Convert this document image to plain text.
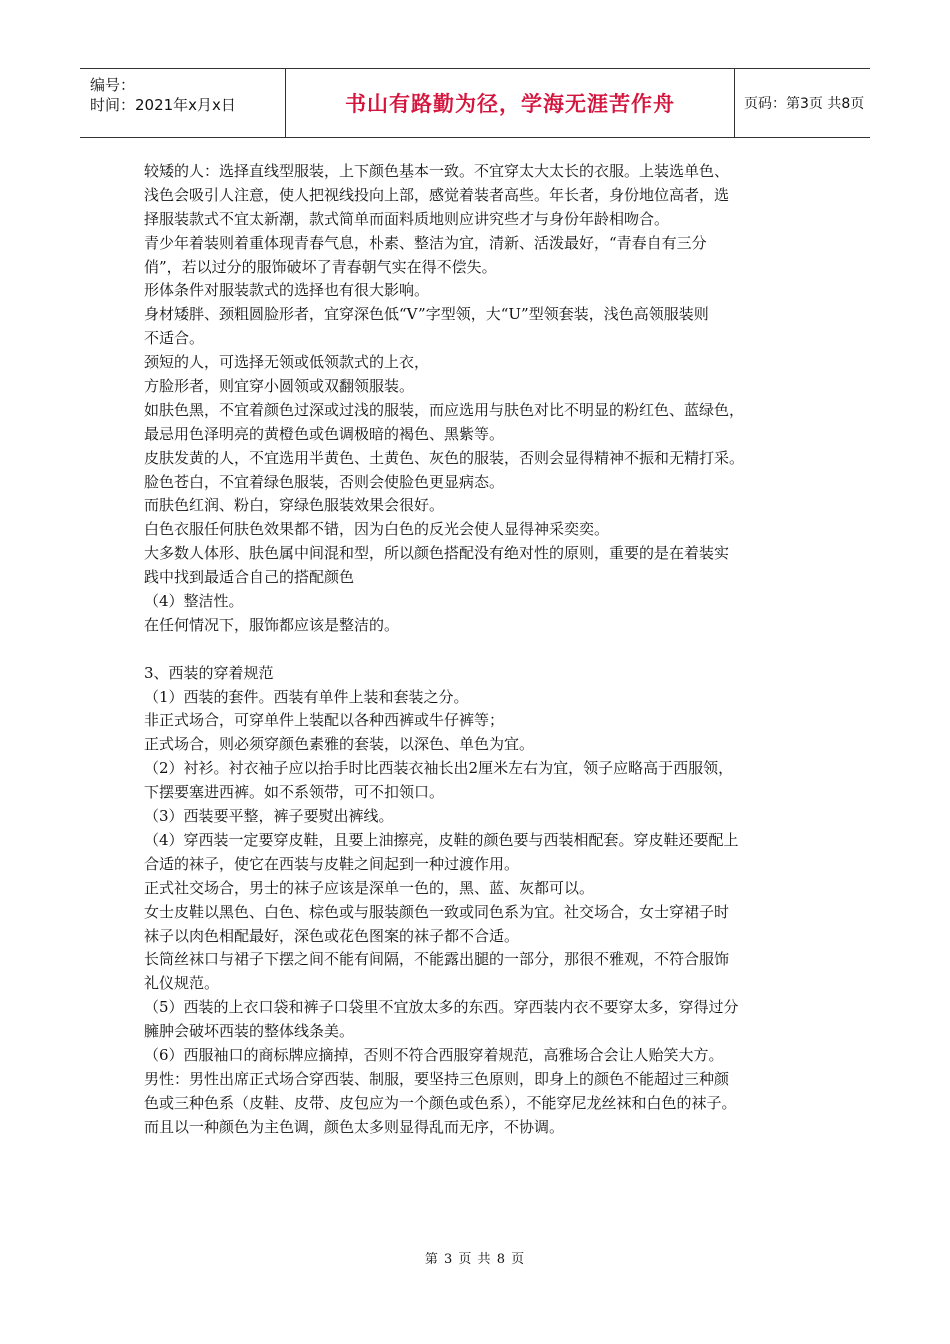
编号：
时间：2021年x月x日	书山有路勤为径，学海无涯苦作舟	页码：第3页 共8页
较矮的人：选择直线型服装，上下颜色基本一致。不宜穿太大太长的衣服。上装选单色、
浅色会吸引人注意，使人把视线投向上部，感觉着装者高些。年长者，身份地位高者，选
择服装款式不宜太新潮，款式简单而面料质地则应讲究些才与身份年龄相吻合。
青少年着装则着重体现青春气息，朴素、整洁为宜，清新、活泼最好，“青春自有三分
俏”，若以过分的服饰破坏了青春朝气实在得不偿失。
形体条件对服装款式的选择也有很大影响。
身材矮胖、颈粗圆脸形者，宜穿深色低“V”字型领，大“U”型领套装，浅色高领服装则
不适合。
颈短的人，可选择无领或低领款式的上衣，
方脸形者，则宜穿小圆领或双翻领服装。
如肤色黑，不宜着颜色过深或过浅的服装，而应选用与肤色对比不明显的粉红色、蓝绿色，
最忌用色泽明亮的黄橙色或色调极暗的褐色、黑紫等。
皮肤发黄的人，不宜选用半黄色、土黄色、灰色的服装，否则会显得精神不振和无精打采。
脸色苍白，不宜着绿色服装，否则会使脸色更显病态。
而肤色红润、粉白，穿绿色服装效果会很好。
白色衣服任何肤色效果都不错，因为白色的反光会使人显得神采奕奕。
大多数人体形、肤色属中间混和型，所以颜色搭配没有绝对性的原则，重要的是在着装实
践中找到最适合自己的搭配颜色
（4）整洁性。
在任何情况下，服饰都应该是整洁的。
3、西装的穿着规范
（1）西装的套件。西装有单件上装和套装之分。
非正式场合，可穿单件上装配以各种西裤或牛仔裤等；
正式场合，则必须穿颜色素雅的套装，以深色、单色为宜。
（2）衬衫。衬衣袖子应以抬手时比西装衣袖长出2厘米左右为宜，领子应略高于西服领，
下摆要塞进西裤。如不系领带，可不扣领口。
（3）西装要平整，裤子要熨出裤线。
（4）穿西装一定要穿皮鞋，且要上油擦亮，皮鞋的颜色要与西装相配套。穿皮鞋还要配上
合适的袜子，使它在西装与皮鞋之间起到一种过渡作用。
正式社交场合，男士的袜子应该是深单一色的，黑、蓝、灰都可以。
女士皮鞋以黑色、白色、棕色或与服装颜色一致或同色系为宜。社交场合，女士穿裙子时
袜子以肉色相配最好，深色或花色图案的袜子都不合适。
长筒丝袜口与裙子下摆之间不能有间隔，不能露出腿的一部分，那很不雅观，不符合服饰
礼仪规范。
（5）西装的上衣口袋和裤子口袋里不宜放太多的东西。穿西装内衣不要穿太多，穿得过分
臃肿会破坏西装的整体线条美。
（6）西服袖口的商标牌应摘掉，否则不符合西服穿着规范，高雅场合会让人贻笑大方。
男性：男性出席正式场合穿西装、制服，要坚持三色原则，即身上的颜色不能超过三种颜
色或三种色系（皮鞋、皮带、皮包应为一个颜色或色系），不能穿尼龙丝袜和白色的袜子。
而且以一种颜色为主色调，颜色太多则显得乱而无序，不协调。
第 3 页 共 8 页
